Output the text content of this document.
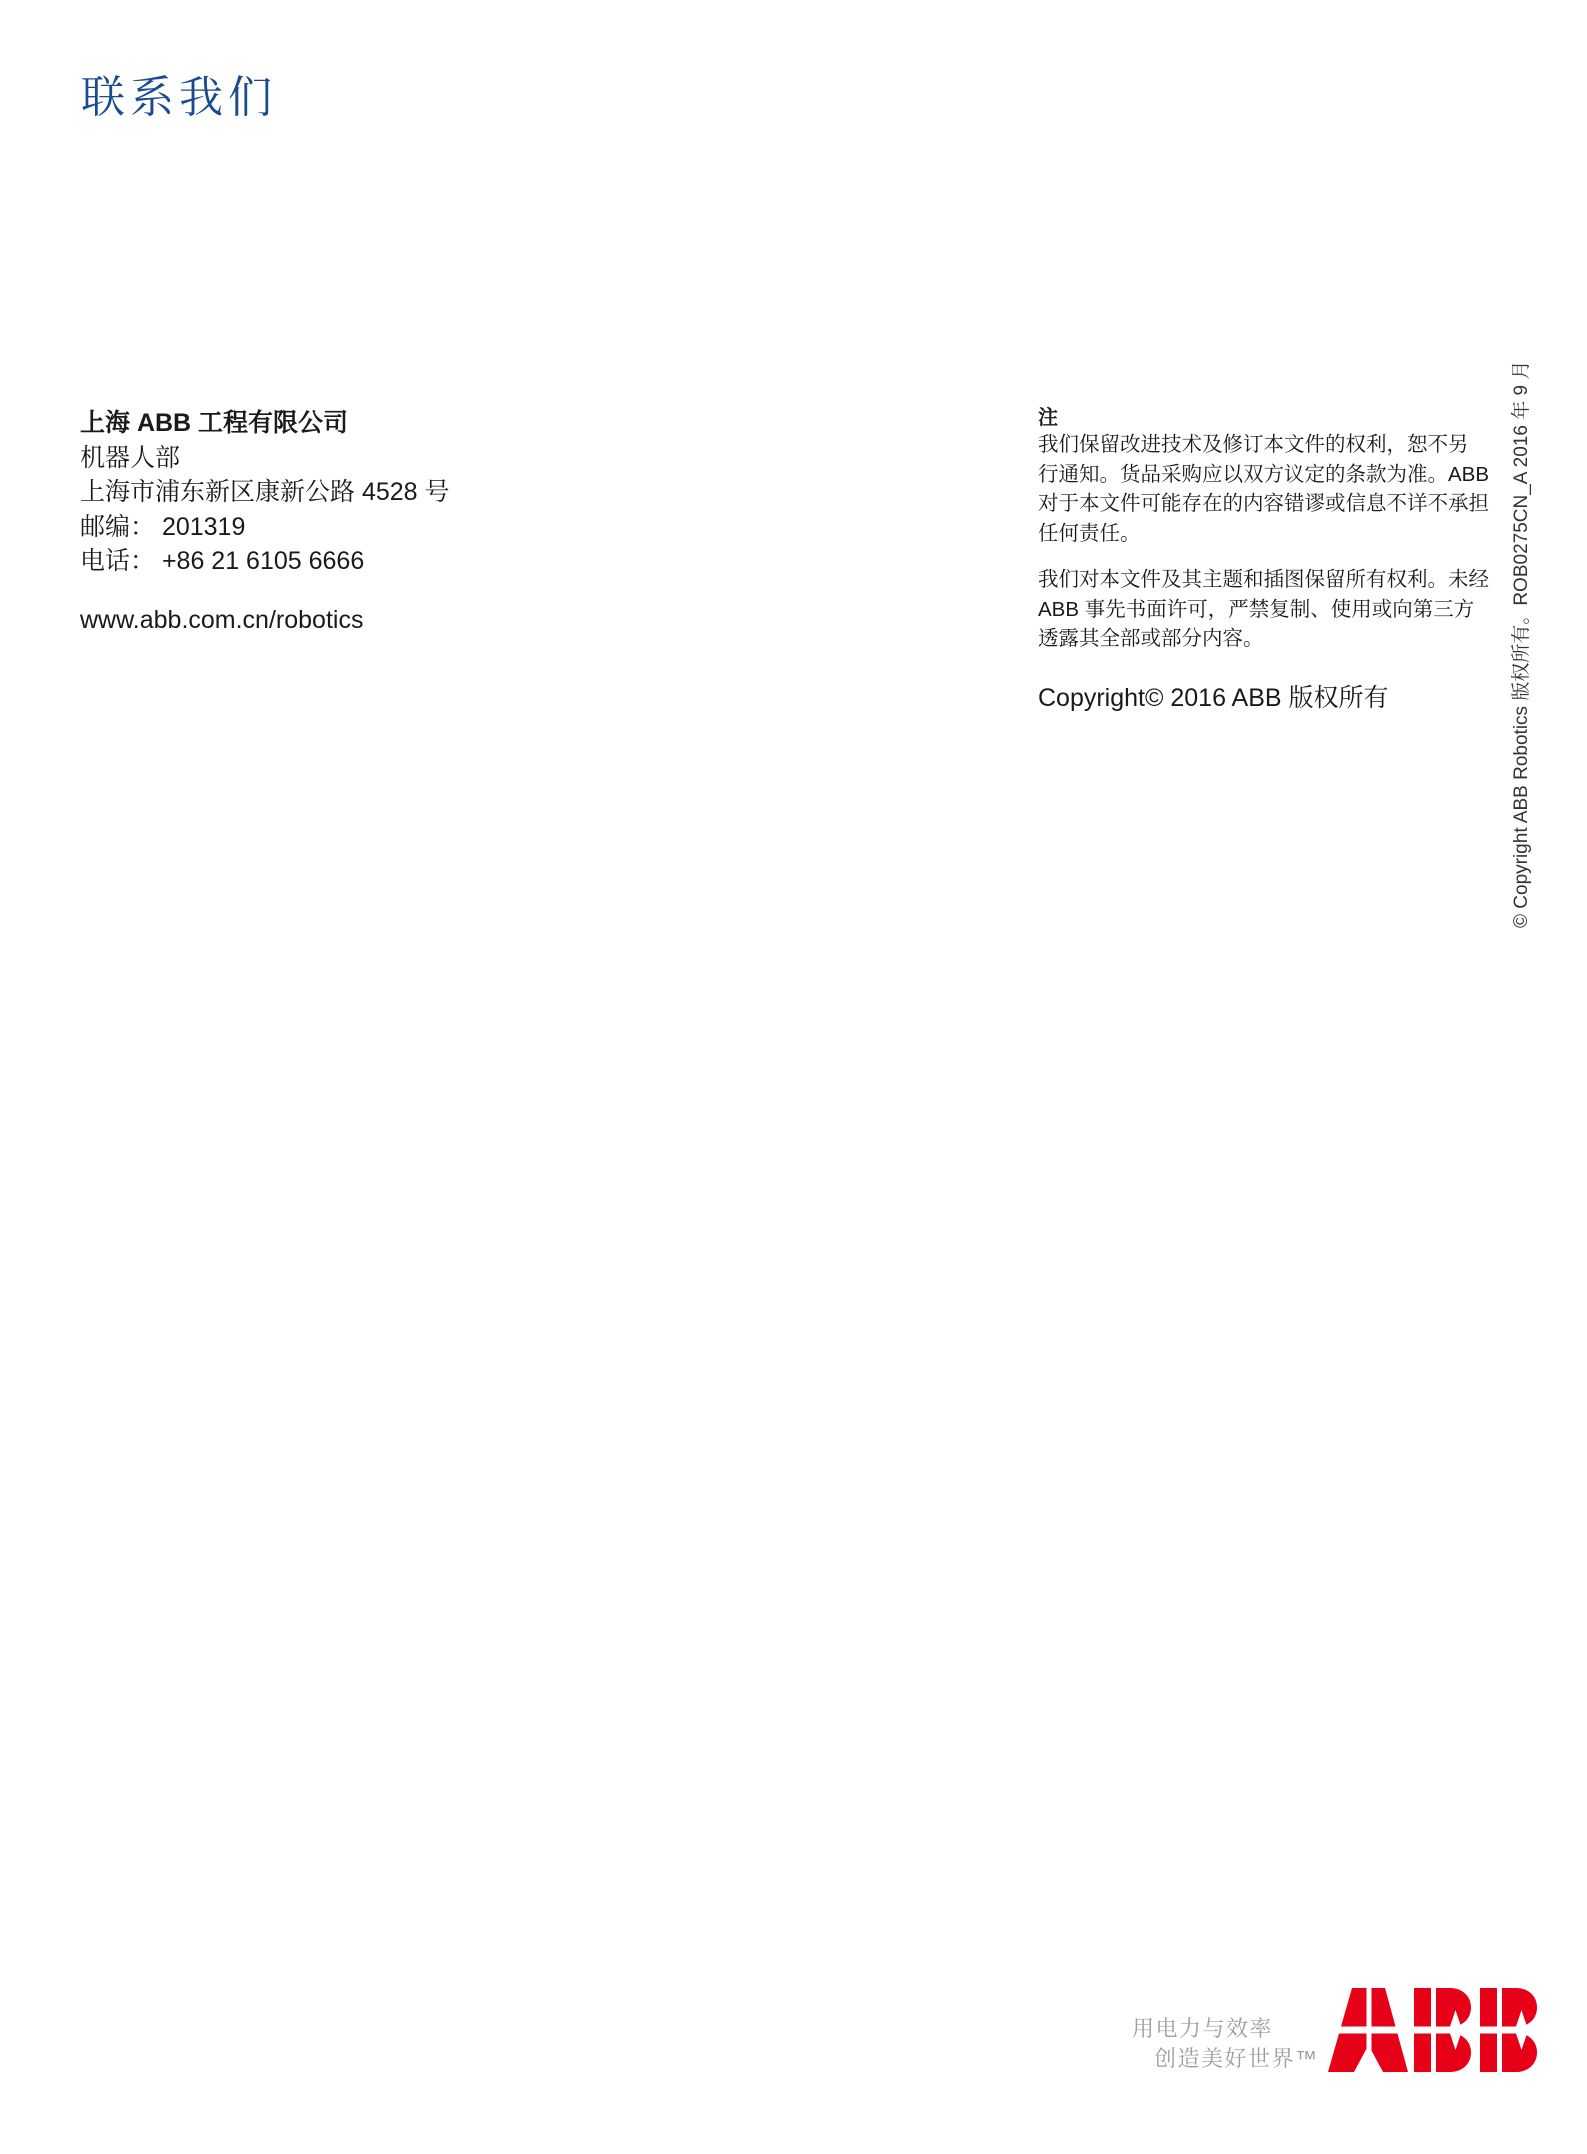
联系我们
上海 ABB 工程有限公司
机器人部
上海市浦东新区康新公路 4528 号
邮编： 201319
电话： +86 21 6105 6666
www.abb.com.cn/robotics
注
我们保留改进技术及修订本文件的权利，恕不另
行通知。货品采购应以双方议定的条款为准。ABB
对于本文件可能存在的内容错谬或信息不详不承担
任何责任。
我们对本文件及其主题和插图保留所有权利。未经
ABB 事先书面许可，严禁复制、使用或向第三方
透露其全部或部分内容。
Copyright© 2016 ABB 版权所有	© Copyright ABB Robotics 版权所有。ROB0275CN_A 2016 年 9 月
用电力与效率
创造美好世界™
